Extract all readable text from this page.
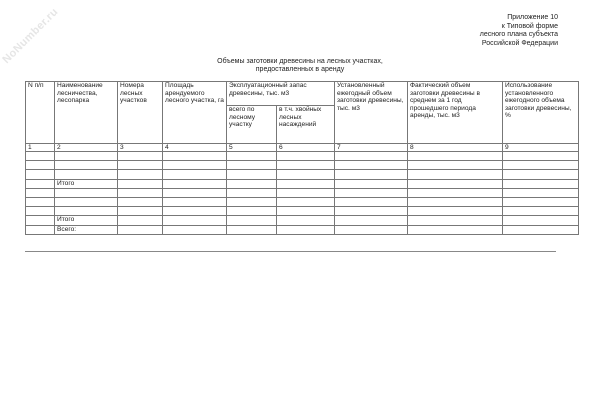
NoNumber.ru	Приложение 10
к Типовой форме
лесного плана субъекта
Российской Федерации
Объемы заготовки древесины на лесных участках,
предоставленных в аренду
N п/п	Наименование лесничества, лесопарка	Номера лесных участков	Площадь арендуемого лесного участка, га	Эксплуатационный запас древесины, тыс. м3		Установленный ежегодный объем заготовки древесины, тыс. м3	Фактический объем заготовки древесины в среднем за 1 год прошедшего периода аренды, тыс. м3	Использование установленного ежегодного объема заготовки древесины, %
				всего по лесному участку	в т.ч. хвойных лесных насаждений			
1	2	3	4	5	6	7	8	9

	Итого							

	Итого							
	Всего:							
